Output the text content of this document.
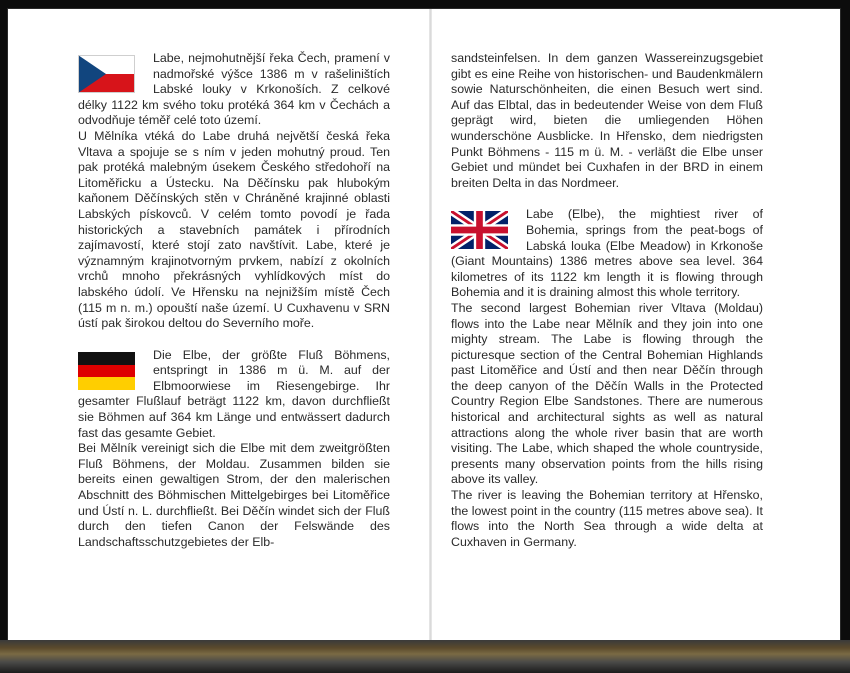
Labe, nejmohutnější řeka Čech, pramení v nadmořské výšce 1386 m v rašeliništích Labské louky v Krkonoších. Z celkové délky 1122 km svého toku protéká 364 km v Čechách a odvodňuje téměř celé toto území.

U Mělníka vtéká do Labe druhá největší česká řeka Vltava a spojuje se s ním v jeden mohutný proud. Ten pak protéká malebným úsekem Českého středohoří na Litoměřicku a Ústecku. Na Děčínsku pak hlubokým kaňonem Děčínských stěn v Chráněné krajinné oblasti Labských pískovců. V celém tomto povodí je řada historických a stavebních památek i přírodních zajímavostí, které stojí zato navštívit. Labe, které je významným krajinotvorným prvkem, nabízí z okolních vrchů mnoho překrásných vyhlídkových míst do labského údolí. Ve Hřensku na nejnižším místě Čech (115 m n. m.) opouští naše území. U Cuxhavenu v SRN ústí pak širokou deltou do Severního moře.

Die Elbe, der größte Fluß Böhmens, entspringt in 1386 m ü. M. auf der Elbmoorwiese im Riesengebirge. Ihr gesamter Flußlauf beträgt 1122 km, davon durchfließt sie Böhmen auf 364 km Länge und entwässert dadurch fast das gesamte Gebiet.

Bei Mělník vereinigt sich die Elbe mit dem zweitgrößten Fluß Böhmens, der Moldau. Zusammen bilden sie bereits einen gewaltigen Strom, der den malerischen Abschnitt des Böhmischen Mittelgebirges bei Litoměřice und Ústí n. L. durchfließt. Bei Děčín windet sich der Fluß durch den tiefen Canon der Felswände des Landschaftsschutzgebietes der Elb-

sandsteinfelsen. In dem ganzen Wassereinzugsgebiet gibt es eine Reihe von historischen- und Baudenkmälern sowie Naturschönheiten, die einen Besuch wert sind. Auf das Elbtal, das in bedeutender Weise von dem Fluß geprägt wird, bieten die umliegenden Höhen wunderschöne Ausblicke. In Hřensko, dem niedrigsten Punkt Böhmens - 115 m ü. M. - verläßt die Elbe unser Gebiet und mündet bei Cuxhafen in der BRD in einem breiten Delta in das Nordmeer.

Labe (Elbe), the mightiest river of Bohemia, springs from the peat-bogs of Labská louka (Elbe Meadow) in Krkonoše (Giant Mountains) 1386 metres above sea level. 364 kilometres of its 1122 km length it is flowing through Bohemia and it is draining almost this whole territory.

The second largest Bohemian river Vltava (Moldau) flows into the Labe near Mělník and they join into one mighty stream. The Labe is flowing through the picturesque section of the Central Bohemian Highlands past Litoměřice and Ústí and then near Děčín through the deep canyon of the Děčín Walls in the Protected Country Region Elbe Sandstones. There are numerous historical and architectural sights as well as natural attractions along the whole river basin that are worth visiting. The Labe, which shaped the whole countryside, presents many observation points from the hills rising above its valley.

The river is leaving the Bohemian territory at Hřensko, the lowest point in the country (115 metres above sea). It flows into the North Sea through a wide delta at Cuxhaven in Germany.
